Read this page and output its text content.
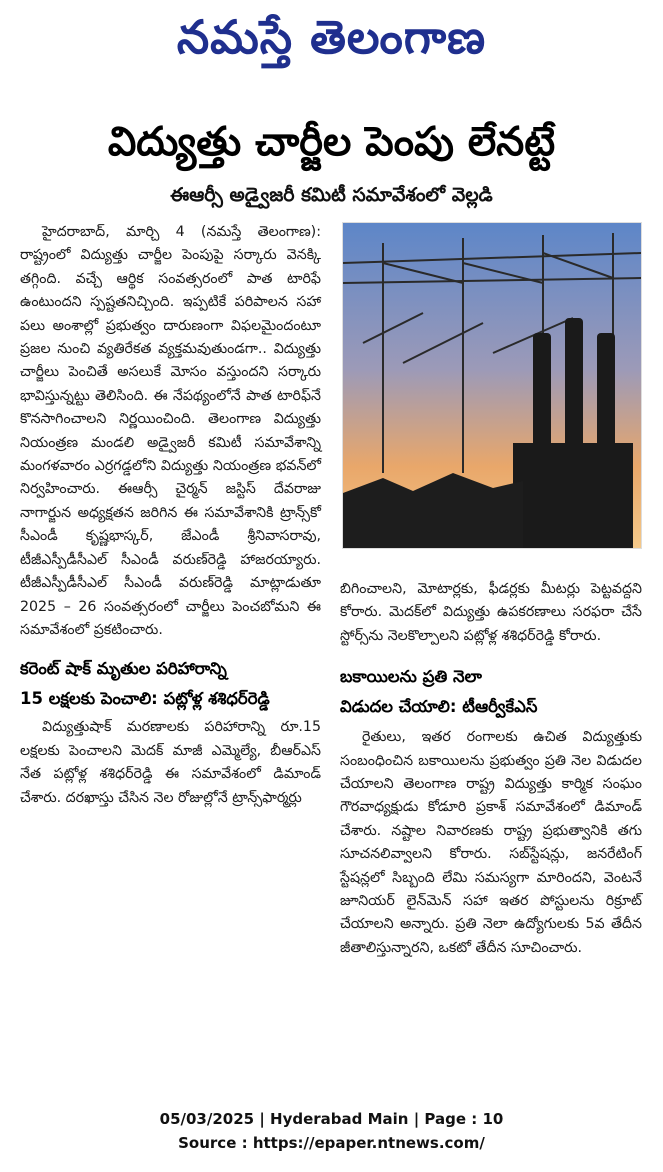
నమస్తే తెలంగాణ
విద్యుత్తు చార్జీల పెంపు లేనట్టే
ఈఆర్సీ అడ్వైజరీ కమిటీ సమావేశంలో వెల్లడి

హైదరాబాద్, మార్చి 4 (నమస్తే తెలంగాణ): రాష్ట్రంలో విద్యుత్తు చార్జీల పెంపుపై సర్కారు వెనక్కి తగ్గింది. వచ్చే ఆర్థిక సంవత్సరంలో పాత టారిఫే ఉంటుందని స్పష్టతనిచ్చింది. ఇప్పటికే పరిపాలన సహా పలు అంశాల్లో ప్రభుత్వం దారుణంగా విఫలమైందంటూ ప్రజల నుంచి వ్యతిరేకత వ్యక్తమవుతుండగా.. విద్యుత్తు చార్జీలు పెంచితే అసలుకే మోసం వస్తుందని సర్కారు భావిస్తున్నట్టు తెలిసింది. ఈ నేపథ్యంలోనే పాత టారిఫ్‌నే కొనసాగించాలని నిర్ణయించింది. తెలంగాణ విద్యుత్తు నియంత్రణ మండలి అడ్వైజరీ కమిటీ సమావేశాన్ని మంగళవారం ఎర్రగడ్డలోని విద్యుత్తు నియంత్రణ భవన్‌లో నిర్వహించారు. ఈఆర్సీ చైర్మన్ జస్టిస్ దేవరాజు నాగార్జున అధ్యక్షతన జరిగిన ఈ సమావేశానికి ట్రాన్స్‌కో సీఎండీ కృష్ణభాస్కర్, జేఎండీ శ్రీనివాసరావు, టీజీఎస్పీడీసీఎల్ సీఎండీ వరుణ్‌రెడ్డి హాజరయ్యారు. టీజీఎస్పీడీసీఎల్ సీఎండీ వరుణ్‌రెడ్డి మాట్లాడుతూ 2025 – 26 సంవత్సరంలో చార్జీలు పెంచబోమని ఈ సమావేశంలో ప్రకటించారు.

కరెంట్ షాక్ మృతుల పరిహారాన్ని
15 లక్షలకు పెంచాలి: పట్లోళ్ల శశిధర్‌రెడ్డి

విద్యుత్తుషాక్ మరణాలకు పరిహారాన్ని రూ.15 లక్షలకు పెంచాలని మెదక్ మాజీ ఎమ్మెల్యే, బీఆర్‌ఎస్ నేత పట్లోళ్ల శశిధర్‌రెడ్డి ఈ సమావేశంలో డిమాండ్ చేశారు. దరఖాస్తు చేసిన నెల రోజుల్లోనే ట్రాన్స్‌ఫార్మర్లు

బిగించాలని, మోటార్లకు, ఫీడర్లకు మీటర్లు పెట్టవద్దని కోరారు. మెదక్‌లో విద్యుత్తు ఉపకరణాలు సరఫరా చేసే స్టోర్స్‌ను నెలకొల్పాలని పట్లోళ్ల శశిధర్‌రెడ్డి కోరారు.

బకాయిలను ప్రతి నెలా
విడుదల చేయాలి: టీఆర్వీకేఎస్

రైతులు, ఇతర రంగాలకు ఉచిత విద్యుత్తుకు సంబంధించిన బకాయిలను ప్రభుత్వం ప్రతి నెల విడుదల చేయాలని తెలంగాణ రాష్ట్ర విద్యుత్తు కార్మిక సంఘం గౌరవాధ్యక్షుడు కోడూరి ప్రకాశ్ సమావేశంలో డిమాండ్ చేశారు. నష్టాల నివారణకు రాష్ట్ర ప్రభుత్వానికి తగు సూచనలివ్వాలని కోరారు. సబ్‌స్టేషన్లు, జనరేటింగ్ స్టేషన్లలో సిబ్బంది లేమి సమస్యగా మారిందని, వెంటనే జూనియర్ లైన్‌మెన్ సహా ఇతర పోస్టులను రిక్రూట్ చేయాలని అన్నారు. ప్రతి నెలా ఉద్యోగులకు 5వ తేదీన జీతాలిస్తున్నారని, ఒకటో తేదీన సూచించారు.

05/03/2025 | Hyderabad Main | Page : 10
Source : https://epaper.ntnews.com/
